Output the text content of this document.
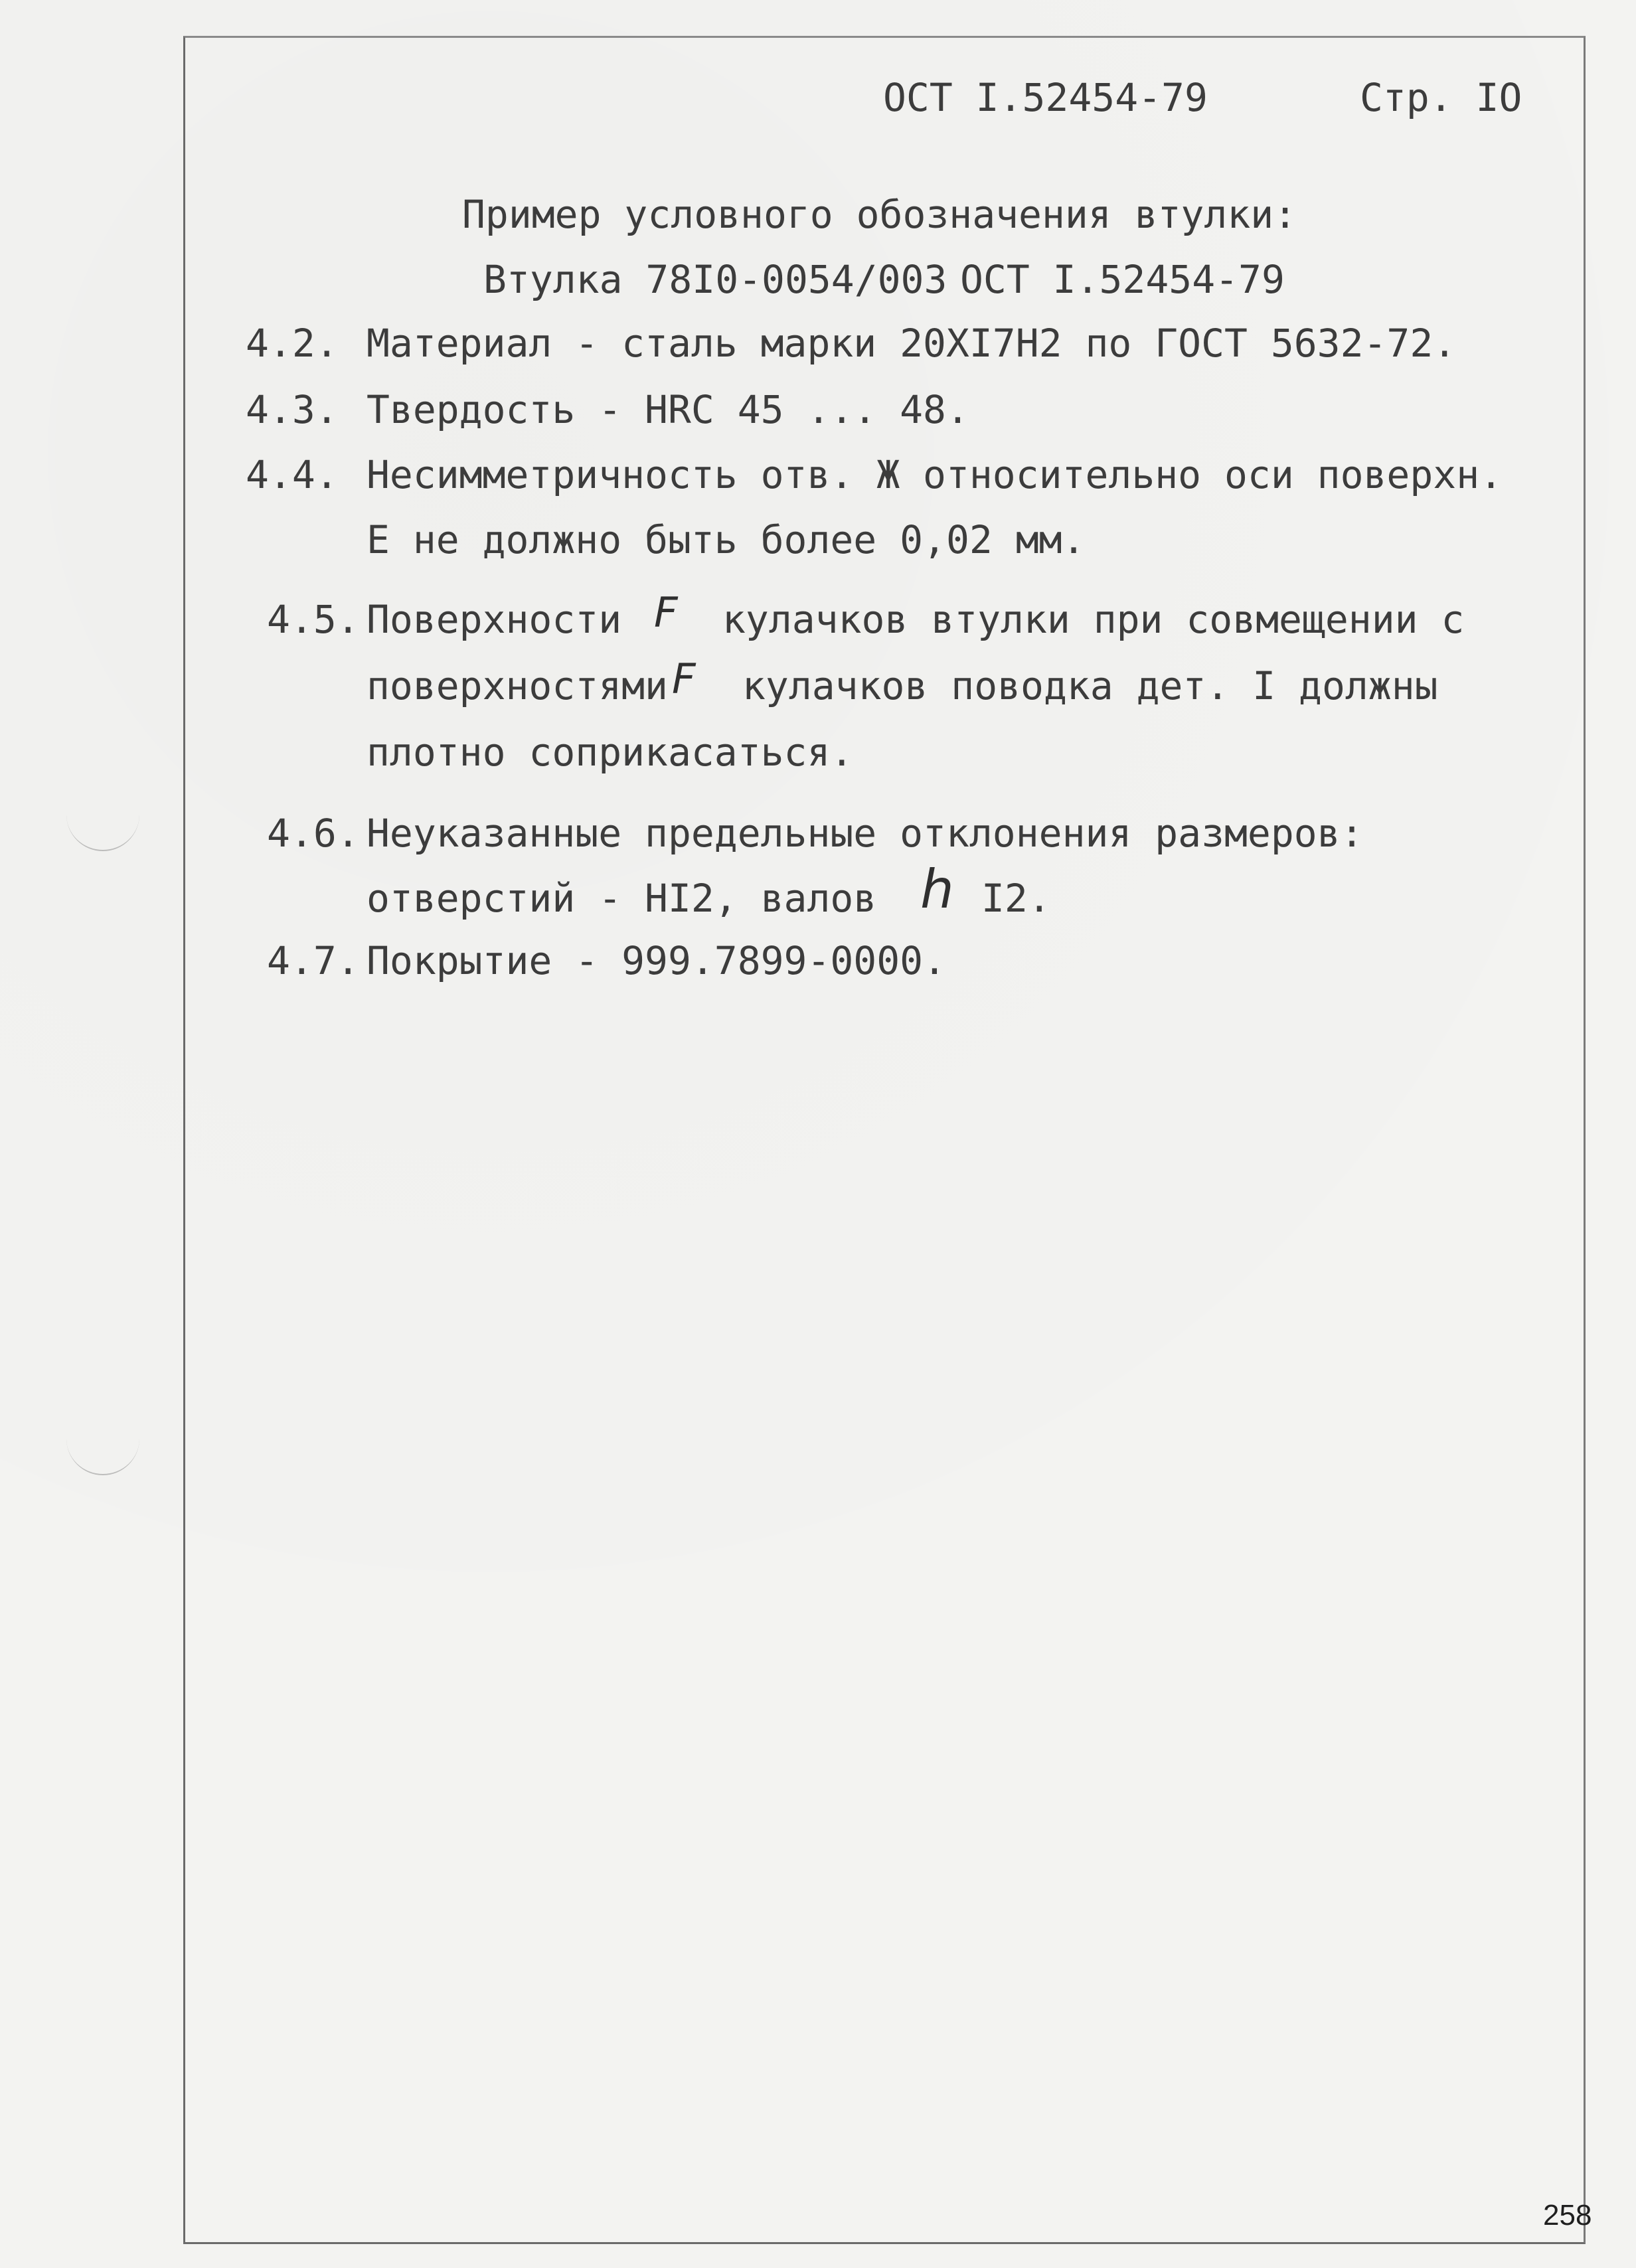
ОСТ I.52454-79	Стр. IO
Пример условного обозначения втулки:
Втулка 78I0-0054/003 ОСТ I.52454-79
4.2. Материал - сталь марки 20XI7H2 по ГОСТ 5632-72.
4.3. Твердость - HRC 45 ... 48.
4.4. Несимметричность отв. Ж относительно оси поверхн.
Е не должно быть более 0,02 мм.
4.5. Поверхности F кулачков втулки при совмещении с
поверхностями F кулачков поводка дет. I должны
плотно соприкасаться.
4.6. Неуказанные предельные отклонения размеров:
отверстий - HI2, валов h I2.
4.7. Покрытие - 999.7899-0000.
258
